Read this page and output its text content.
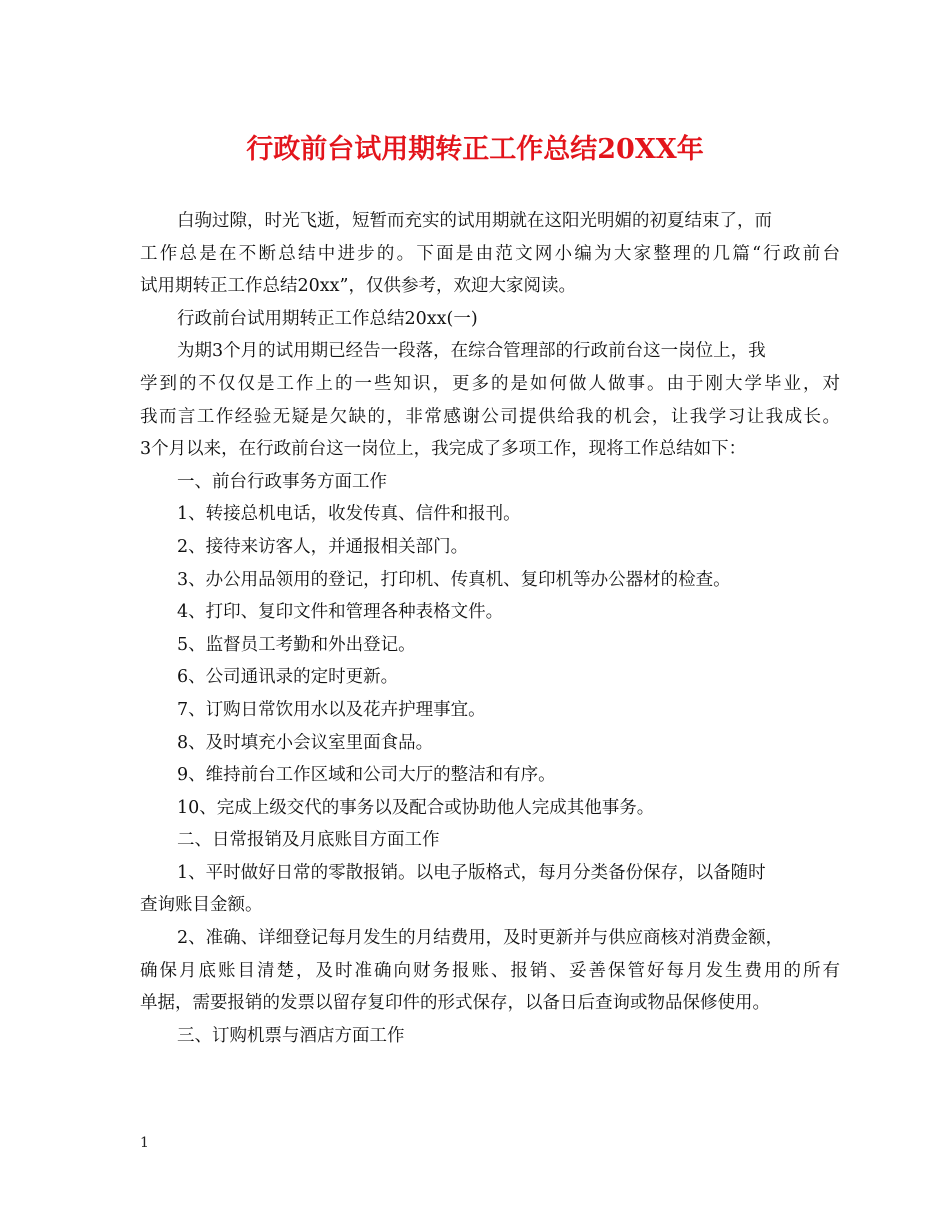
行政前台试用期转正工作总结20XX年
白驹过隙，时光飞逝，短暂而充实的试用期就在这阳光明媚的初夏结束了，而
工作总是在不断总结中进步的。下面是由范文网小编为大家整理的几篇“行政前台
试用期转正工作总结20xx”，仅供参考，欢迎大家阅读。
行政前台试用期转正工作总结20xx(一)
为期3个月的试用期已经告一段落，在综合管理部的行政前台这一岗位上，我
学到的不仅仅是工作上的一些知识，更多的是如何做人做事。由于刚大学毕业，对
我而言工作经验无疑是欠缺的，非常感谢公司提供给我的机会，让我学习让我成长。
3个月以来，在行政前台这一岗位上，我完成了多项工作，现将工作总结如下：
一、前台行政事务方面工作
1、转接总机电话，收发传真、信件和报刊。
2、接待来访客人，并通报相关部门。
3、办公用品领用的登记，打印机、传真机、复印机等办公器材的检查。
4、打印、复印文件和管理各种表格文件。
5、监督员工考勤和外出登记。
6、公司通讯录的定时更新。
7、订购日常饮用水以及花卉护理事宜。
8、及时填充小会议室里面食品。
9、维持前台工作区域和公司大厅的整洁和有序。
10、完成上级交代的事务以及配合或协助他人完成其他事务。
二、日常报销及月底账目方面工作
1、平时做好日常的零散报销。以电子版格式，每月分类备份保存，以备随时
查询账目金额。
2、准确、详细登记每月发生的月结费用，及时更新并与供应商核对消费金额，
确保月底账目清楚，及时准确向财务报账、报销、妥善保管好每月发生费用的所有
单据，需要报销的发票以留存复印件的形式保存，以备日后查询或物品保修使用。
三、订购机票与酒店方面工作
1
